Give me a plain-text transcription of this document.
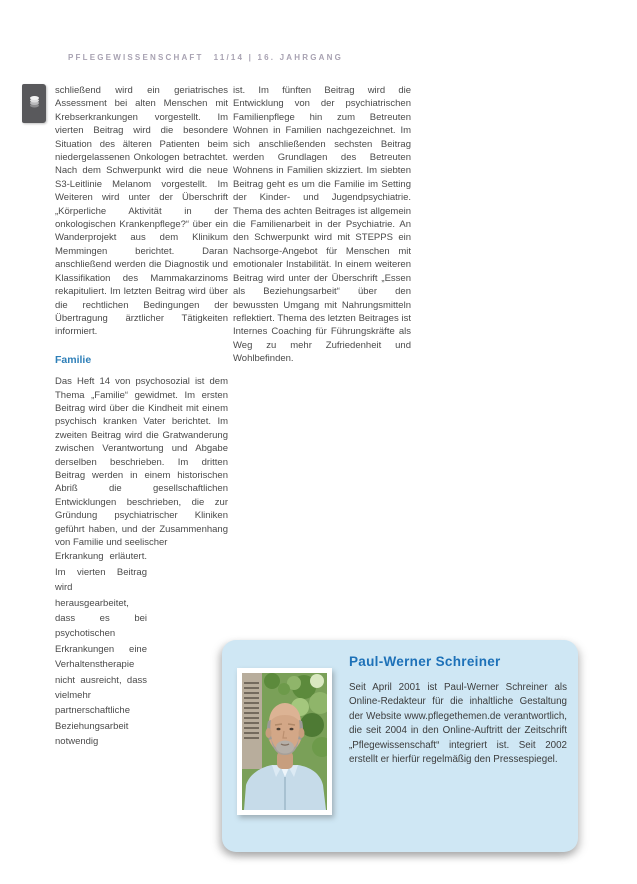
PFLEGEWISSENSCHAFT 11/14 | 16. JAHRGANG

schließend wird ein geriatrisches Assessment bei alten Menschen mit Krebserkrankungen vorgestellt. Im vierten Beitrag wird die besondere Situation des älteren Patienten beim niedergelassenen Onkologen betrachtet. Nach dem Schwerpunkt wird die neue S3-Leitlinie Melanom vorgestellt. Im Weiteren wird unter der Überschrift „Körperliche Aktivität in der onkologischen Krankenpflege?“ über ein Wanderprojekt aus dem Klinikum Memmingen berichtet. Daran anschließend werden die Diagnostik und Klassifikation des Mammakarzinoms rekapituliert. Im letzten Beitrag wird über die rechtlichen Bedingungen der Übertragung ärztlicher Tätigkeiten informiert.

Familie

Das Heft 14 von psychosozial ist dem Thema „Familie“ gewidmet. Im ersten Beitrag wird über die Kindheit mit einem psychisch kranken Vater berichtet. Im zweiten Beitrag wird die Gratwanderung zwischen Verantwortung und Abgabe derselben beschrieben. Im dritten Beitrag werden in einem historischen Abriß die gesellschaftlichen Entwicklungen beschrieben, die zur Gründung psychiatrischer Kliniken geführt haben, und der Zusammenhang von Familie und seelischer

Erkrankung erläutert. Im vierten Beitrag wird herausgearbeitet, dass es bei psychotischen Erkrankungen eine Verhaltenstherapie nicht ausreicht, dass vielmehr partnerschaftliche Beziehungsarbeit notwendig

ist. Im fünften Beitrag wird die Entwicklung von der psychiatrischen Familienpflege hin zum Betreuten Wohnen in Familien nachgezeichnet. Im sich anschließenden sechsten Beitrag werden Grundlagen des Betreuten Wohnens in Familien skizziert. Im siebten Beitrag geht es um die Familie im Setting der Kinder- und Jugendpsychiatrie. Thema des achten Beitrages ist allgemein die Familienarbeit in der Psychiatrie. An den Schwerpunkt wird mit STEPPS ein Nachsorge-Angebot für Menschen mit emotionaler Instabilität. In einem weiteren Beitrag wird unter der Überschrift „Essen als Beziehungsarbeit“ über den bewussten Umgang mit Nahrungsmitteln reflektiert. Thema des letzten Beitrages ist Internes Coaching für Führungskräfte als Weg zu mehr Zufriedenheit und Wohlbefinden.

Paul-Werner Schreiner

Seit April 2001 ist Paul-Werner Schreiner als Online-Redakteur für die inhaltliche Gestaltung der Website www.pflegethemen.de verantwortlich, die seit 2004 in den Online-Auftritt der Zeitschrift „Pflegewissenschaft“ integriert ist. Seit 2002 erstellt er hierfür regelmäßig den Pressespiegel.
